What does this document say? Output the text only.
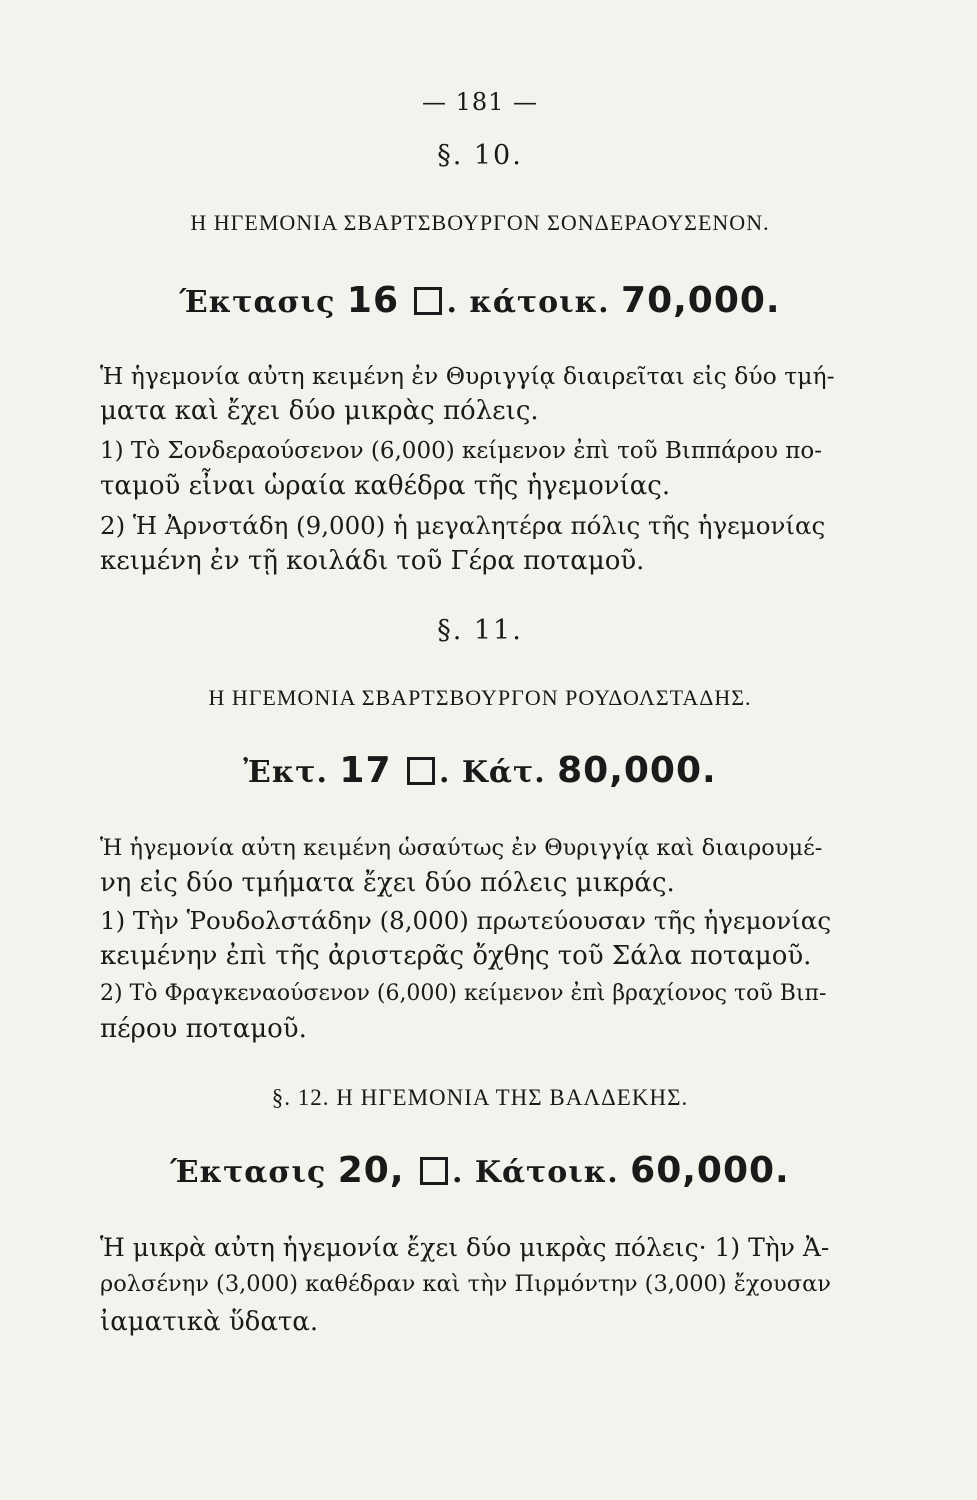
— 181 —
§. 10.
Η ΗΓΕΜΟΝΙΑ ΣΒΑΡΤΣΒΟΥΡΓΟΝ ΣΟΝΔΕΡΑΟΥΣΕΝΟΝ.
Έκτασις 16 . κάτοικ. 70,000.
Ἡ ἡγεμονία αὐτη κειμένη ἐν Θυριγγίᾳ διαιρεῖται εἰς δύο τμή-
ματα καὶ ἔχει δύο μικρὰς πόλεις.
1) Τὸ Σονδεραούσενον (6,000) κείμενον ἐπὶ τοῦ Βιππάρου πο-
ταμοῦ εἶναι ὡραία καθέδρα τῆς ἡγεμονίας.
2) Ἡ Ἀρνστάδη (9,000) ἡ μεγαλητέρα πόλις τῆς ἡγεμονίας
κειμένη ἐν τῇ κοιλάδι τοῦ Γέρα ποταμοῦ.
§. 11.
Η ΗΓΕΜΟΝΙΑ ΣΒΑΡΤΣΒΟΥΡΓΟΝ ΡΟΥΔΟΛΣΤΑΔΗΣ.
Ἐκτ. 17 . Κάτ. 80,000.
Ἡ ἡγεμονία αὐτη κειμένη ὡσαύτως ἐν Θυριγγίᾳ καὶ διαιρουμέ-
νη εἰς δύο τμήματα ἔχει δύο πόλεις μικράς.
1) Τὴν Ῥουδολστάδην (8,000) πρωτεύουσαν τῆς ἡγεμονίας
κειμένην ἐπὶ τῆς ἀριστερᾶς ὄχθης τοῦ Σάλα ποταμοῦ.
2) Τὸ Φραγκεναούσενον (6,000) κείμενον ἐπὶ βραχίονος τοῦ Βιπ-
πέρου ποταμοῦ.
§. 12. Η ΗΓΕΜΟΝΙΑ ΤΗΣ ΒΑΛΔΕΚΗΣ.
Έκτασις 20, . Κάτοικ. 60,000.
Ἡ μικρὰ αὐτη ἡγεμονία ἔχει δύο μικρὰς πόλεις· 1) Τὴν Ἀ-
ρολσένην (3,000) καθέδραν καὶ τὴν Πιρμόντην (3,000) ἔχουσαν
ἰαματικὰ ὕδατα.
